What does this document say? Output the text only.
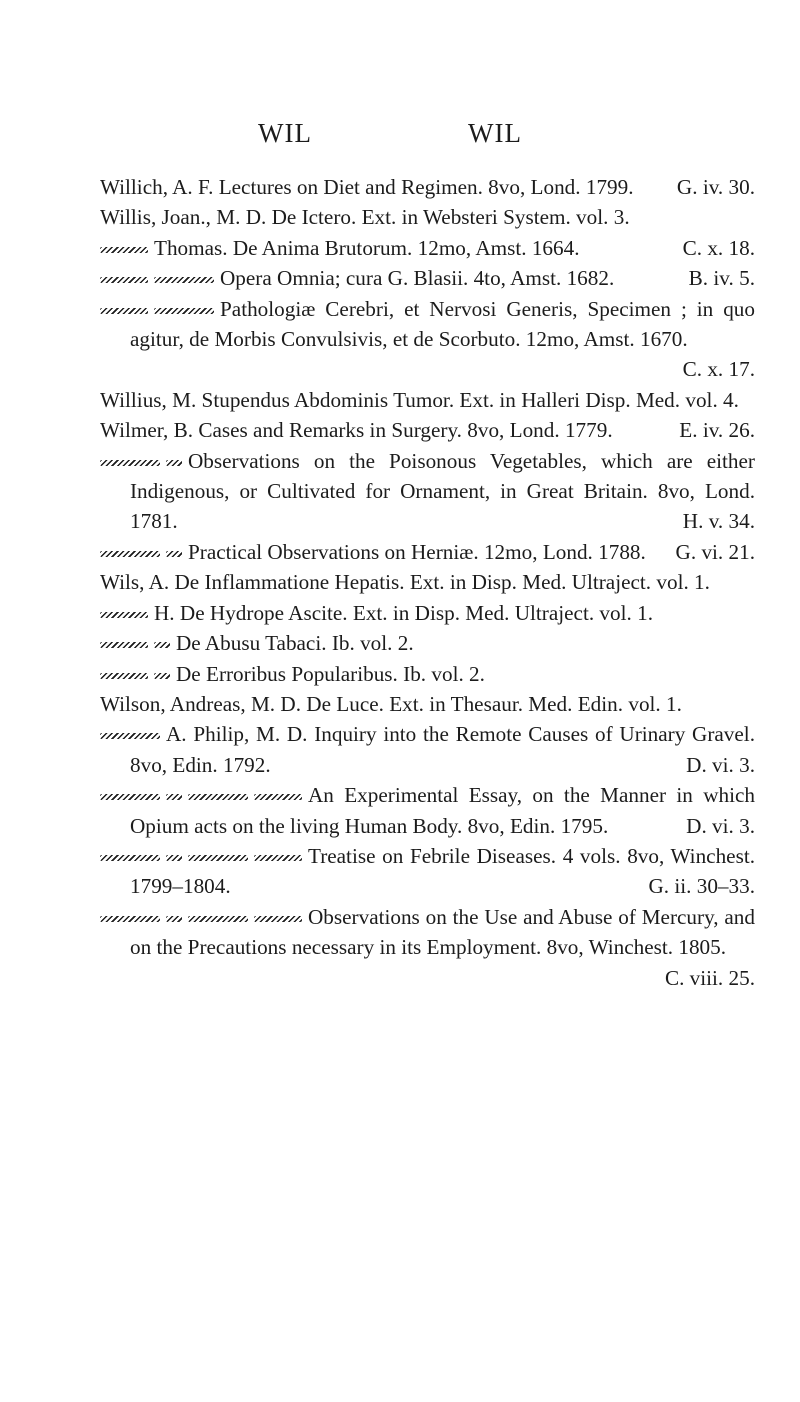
WIL	WIL
Willich, A. F. Lectures on Diet and Regimen. 8vo, Lond. 1799.	G. iv. 30.
Willis, Joan., M. D. De Ictero. Ext. in Websteri System. vol. 3.
Thomas. De Anima Brutorum. 12mo, Amst. 1664.	C. x. 18.
Opera Omnia; cura G. Blasii. 4to, Amst. 1682.	B. iv. 5.
Pathologiæ Cerebri, et Nervosi Generis, Specimen ; in quo agitur, de Morbis Convulsivis, et de Scorbuto. 12mo, Amst. 1670.
C. x. 17.
Willius, M. Stupendus Abdominis Tumor. Ext. in Halleri Disp. Med. vol. 4.
Wilmer, B. Cases and Remarks in Surgery. 8vo, Lond. 1779.	E. iv. 26.
Observations on the Poisonous Vegetables, which are either Indigenous, or Cultivated for Ornament, in Great Britain. 8vo, Lond. 1781.	H. v. 34.
Practical Observations on Herniæ. 12mo, Lond. 1788.	G. vi. 21.
Wils, A. De Inflammatione Hepatis. Ext. in Disp. Med. Ultraject. vol. 1.
H. De Hydrope Ascite. Ext. in Disp. Med. Ultraject. vol. 1.
De Abusu Tabaci. Ib. vol. 2.
De Erroribus Popularibus. Ib. vol. 2.
Wilson, Andreas, M. D. De Luce. Ext. in Thesaur. Med. Edin. vol. 1.
A. Philip, M. D. Inquiry into the Remote Causes of Urinary Gravel. 8vo, Edin. 1792.	D. vi. 3.
An Experimental Essay, on the Manner in which Opium acts on the living Human Body. 8vo, Edin. 1795.	D. vi. 3.
Treatise on Febrile Diseases. 4 vols. 8vo, Winchest. 1799–1804.	G. ii. 30–33.
Observations on the Use and Abuse of Mercury, and on the Precautions necessary in its Employment. 8vo, Winchest. 1805.
C. viii. 25.
